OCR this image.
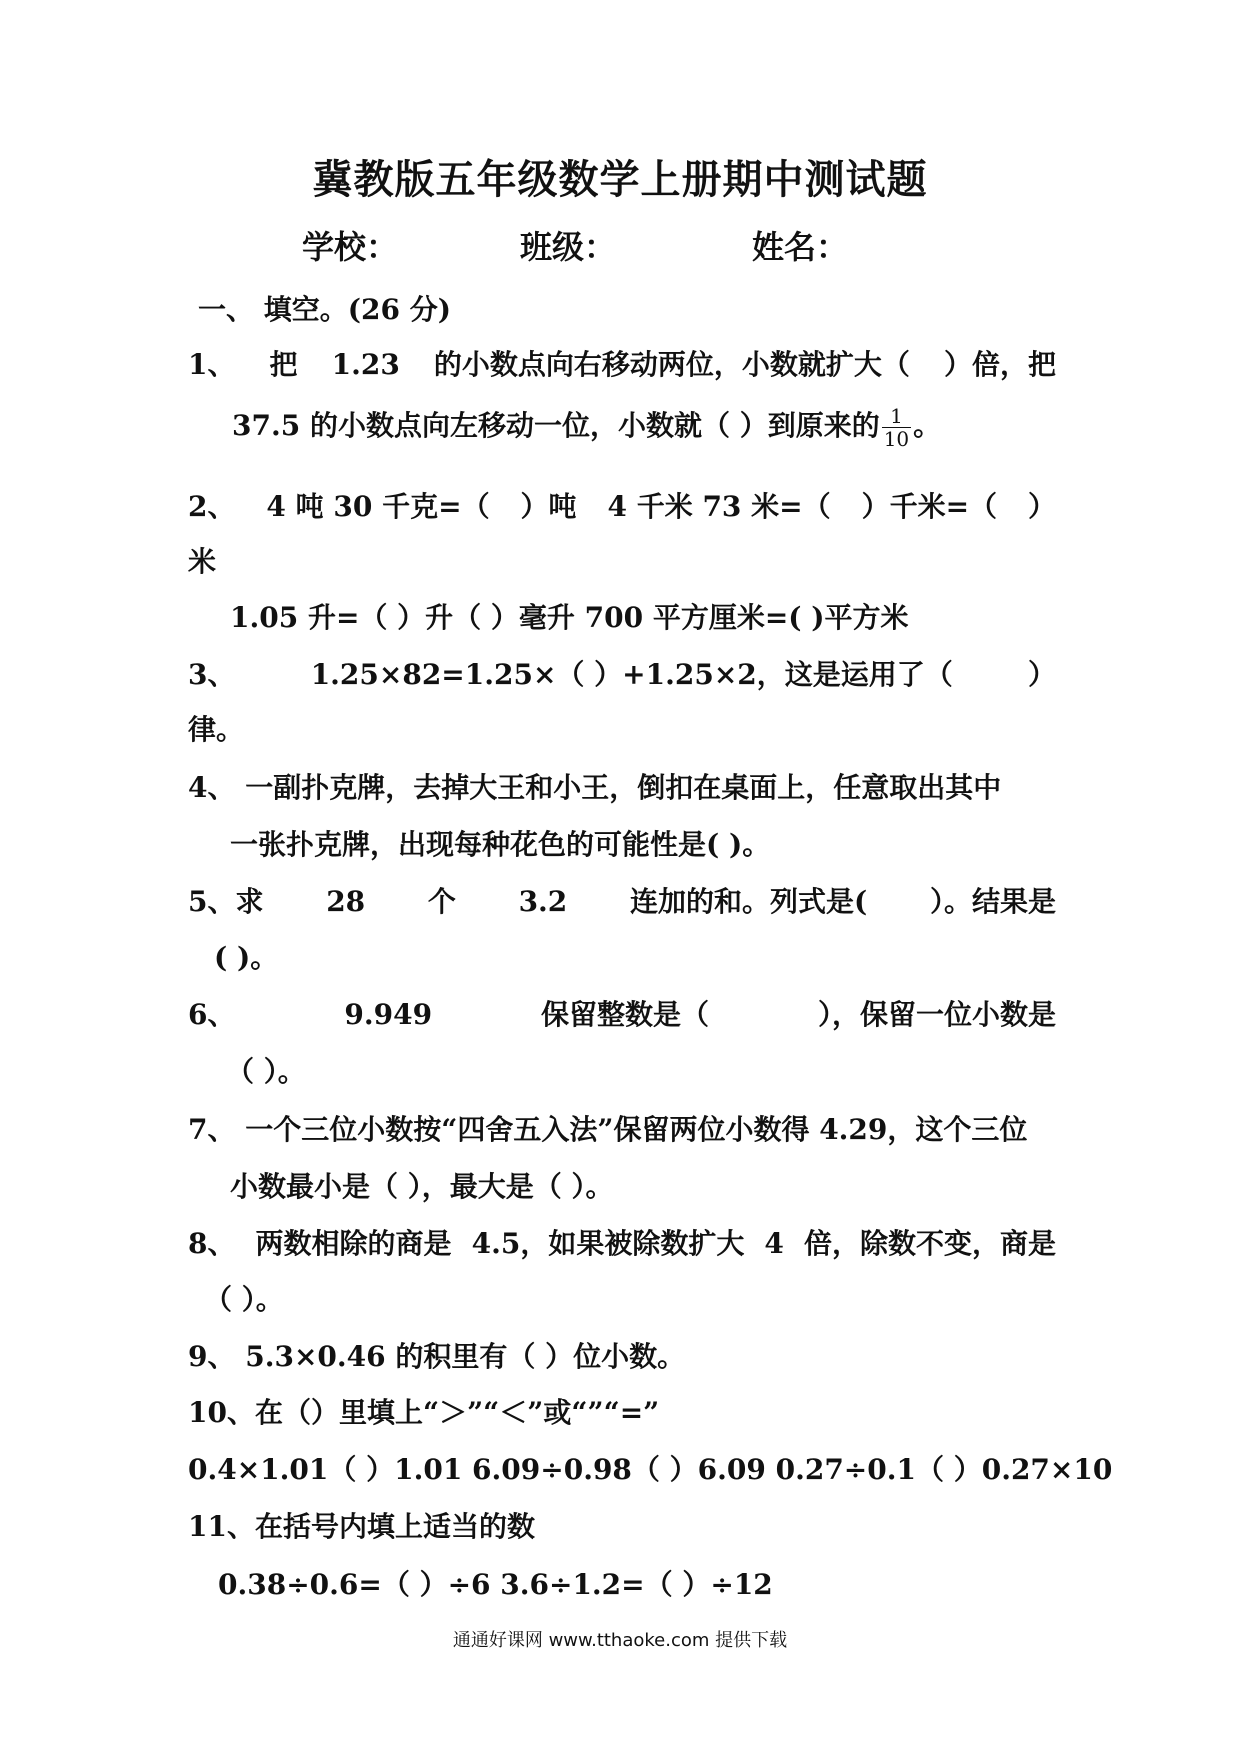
冀教版五年级数学上册期中测试题
学校：	班级：	姓名：
一、 填空。(26 分)
1、 把 1.23 的小数点向右移动两位，小数就扩大（ ）倍，把
37.5 的小数点向左移动一位，小数就（ ）到原来的 $\frac{1}{10}$ 。
2、 4 吨 30 千克=（ ）吨 4 千米 73 米=（ ）千米=（ ）
米
1.05 升=（ ）升（ ）毫升 700 平方厘米=( )平方米
3、	1.25×82=1.25×（ ）+1.25×2，这是运用了（	）
律。
4、 一副扑克牌，去掉大王和小王，倒扣在桌面上，任意取出其中
一张扑克牌，出现每种花色的可能性是( )。
5、求 28 个 3.2 连加的和。列式是( ）。结果是
( )。
6、	9.949	保留整数是（	），保留一位小数是
（ ）。
7、 一个三位小数按“四舍五入法”保留两位小数得 4.29，这个三位
小数最小是（ ），最大是（ ）。
8、 两数相除的商是 4.5，如果被除数扩大 4 倍，除数不变，商是
（ ）。
9、 5.3×0.46 的积里有（ ）位小数。
10、在（）里填上“＞”“＜”或“”“=”
0.4×1.01（ ）1.01 6.09÷0.98（ ）6.09 0.27÷0.1（ ）0.27×10
11、在括号内填上适当的数
0.38÷0.6=（ ）÷6 3.6÷1.2=（ ）÷12
通通好课网 www.tthaoke.com 提供下载
